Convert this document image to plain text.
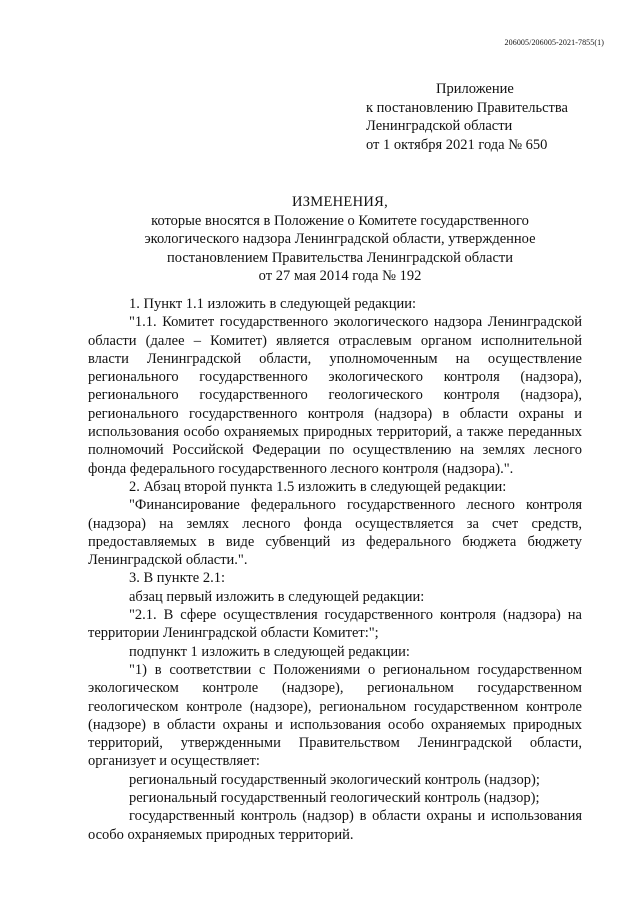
206005/206005-2021-7855(1)
Приложение
к постановлению Правительства
Ленинградской области
от 1 октября 2021 года № 650
ИЗМЕНЕНИЯ,
которые вносятся в Положение о Комитете государственного
экологического надзора Ленинградской области, утвержденное
постановлением Правительства Ленинградской области
от 27 мая 2014 года № 192
1. Пункт 1.1 изложить в следующей редакции:
"1.1. Комитет государственного экологического надзора Ленинградской области (далее – Комитет) является отраслевым органом исполнительной власти Ленинградской области, уполномоченным на осуществление регионального государственного экологического контроля (надзора), регионального государственного геологического контроля (надзора), регионального государственного контроля (надзора) в области охраны и использования особо охраняемых природных территорий, а также переданных полномочий Российской Федерации по осуществлению на землях лесного фонда федерального государственного лесного контроля (надзора).".
2. Абзац второй пункта 1.5 изложить в следующей редакции:
"Финансирование федерального государственного лесного контроля (надзора) на землях лесного фонда осуществляется за счет средств, предоставляемых в виде субвенций из федерального бюджета бюджету Ленинградской области.".
3. В пункте 2.1:
абзац первый изложить в следующей редакции:
"2.1. В сфере осуществления государственного контроля (надзора) на территории Ленинградской области Комитет:";
подпункт 1 изложить в следующей редакции:
"1) в соответствии с Положениями о региональном государственном экологическом контроле (надзоре), региональном государственном геологическом контроле (надзоре), региональном государственном контроле (надзоре) в области охраны и использования особо охраняемых природных территорий, утвержденными Правительством Ленинградской области, организует и осуществляет:
региональный государственный экологический контроль (надзор);
региональный государственный геологический контроль (надзор);
государственный контроль (надзор) в области охраны и использования особо охраняемых природных территорий.
